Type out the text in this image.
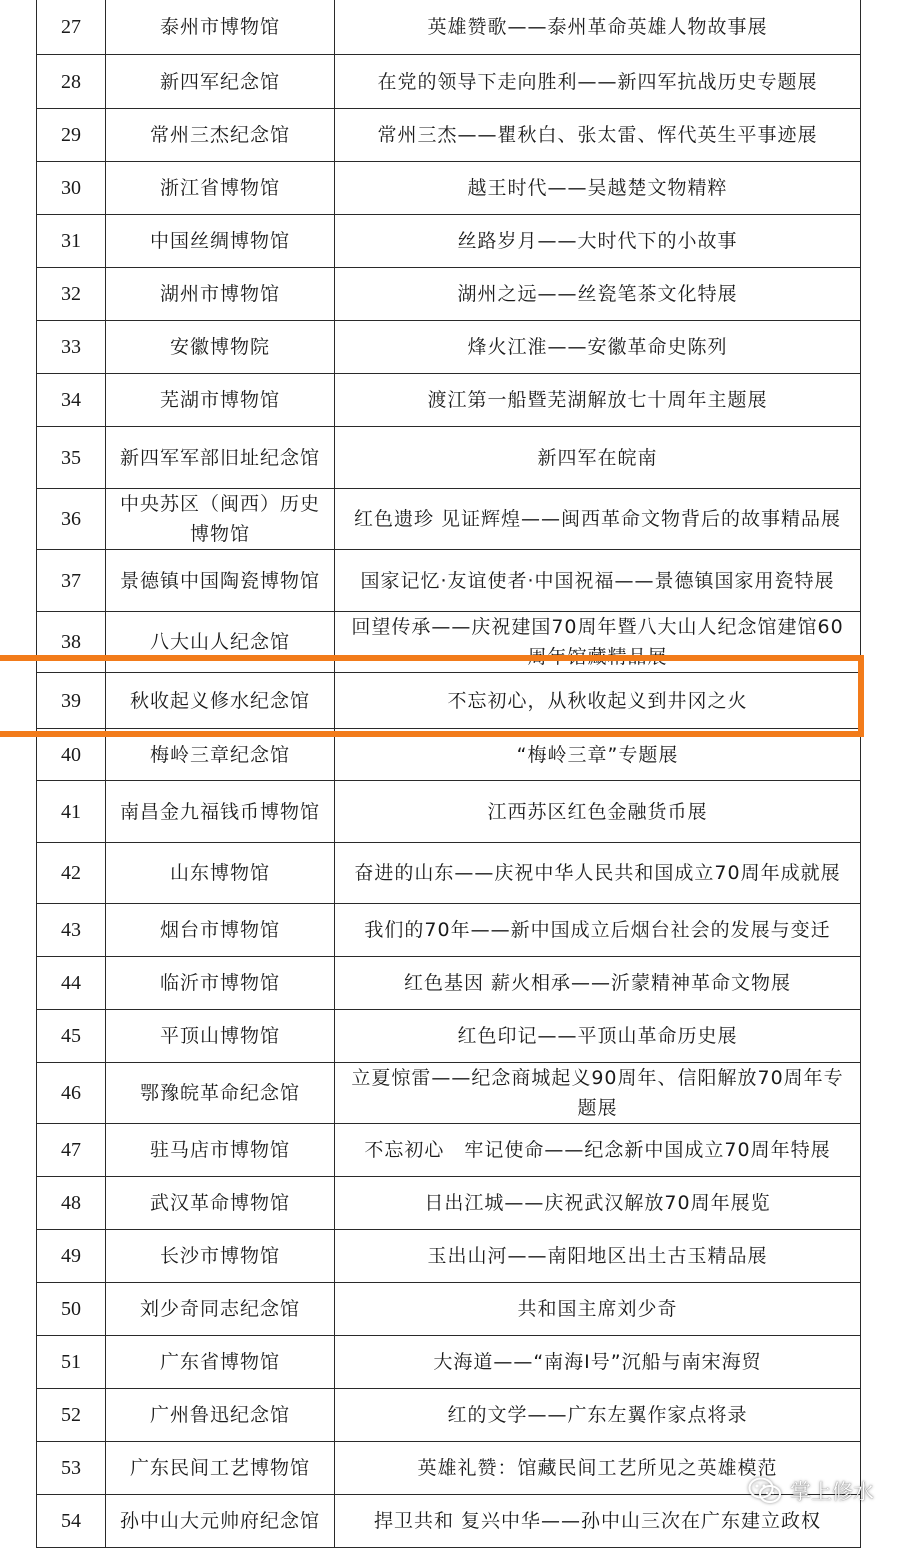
27	泰州市博物馆	英雄赞歌——泰州革命英雄人物故事展
28	新四军纪念馆	在党的领导下走向胜利——新四军抗战历史专题展
29	常州三杰纪念馆	常州三杰——瞿秋白、张太雷、恽代英生平事迹展
30	浙江省博物馆	越王时代——吴越楚文物精粹
31	中国丝绸博物馆	丝路岁月——大时代下的小故事
32	湖州市博物馆	湖州之远——丝瓷笔茶文化特展
33	安徽博物院	烽火江淮——安徽革命史陈列
34	芜湖市博物馆	渡江第一船暨芜湖解放七十周年主题展
35	新四军军部旧址纪念馆	新四军在皖南
36	中央苏区（闽西）历史博物馆	红色遗珍 见证辉煌——闽西革命文物背后的故事精品展
37	景德镇中国陶瓷博物馆	国家记忆·友谊使者·中国祝福——景德镇国家用瓷特展
38	八大山人纪念馆	回望传承——庆祝建国70周年暨八大山人纪念馆建馆60周年馆藏精品展
39	秋收起义修水纪念馆	不忘初心，从秋收起义到井冈之火
40	梅岭三章纪念馆	“梅岭三章”专题展
41	南昌金九福钱币博物馆	江西苏区红色金融货币展
42	山东博物馆	奋进的山东——庆祝中华人民共和国成立70周年成就展
43	烟台市博物馆	我们的70年——新中国成立后烟台社会的发展与变迁
44	临沂市博物馆	红色基因 薪火相承——沂蒙精神革命文物展
45	平顶山博物馆	红色印记——平顶山革命历史展
46	鄂豫皖革命纪念馆	立夏惊雷——纪念商城起义90周年、信阳解放70周年专题展
47	驻马店市博物馆	不忘初心　牢记使命——纪念新中国成立70周年特展
48	武汉革命博物馆	日出江城——庆祝武汉解放70周年展览
49	长沙市博物馆	玉出山河——南阳地区出土古玉精品展
50	刘少奇同志纪念馆	共和国主席刘少奇
51	广东省博物馆	大海道——“南海Ⅰ号”沉船与南宋海贸
52	广州鲁迅纪念馆	红的文学——广东左翼作家点将录
53	广东民间工艺博物馆	英雄礼赞：馆藏民间工艺所见之英雄模范
54	孙中山大元帅府纪念馆	捍卫共和 复兴中华——孙中山三次在广东建立政权
掌上修水
